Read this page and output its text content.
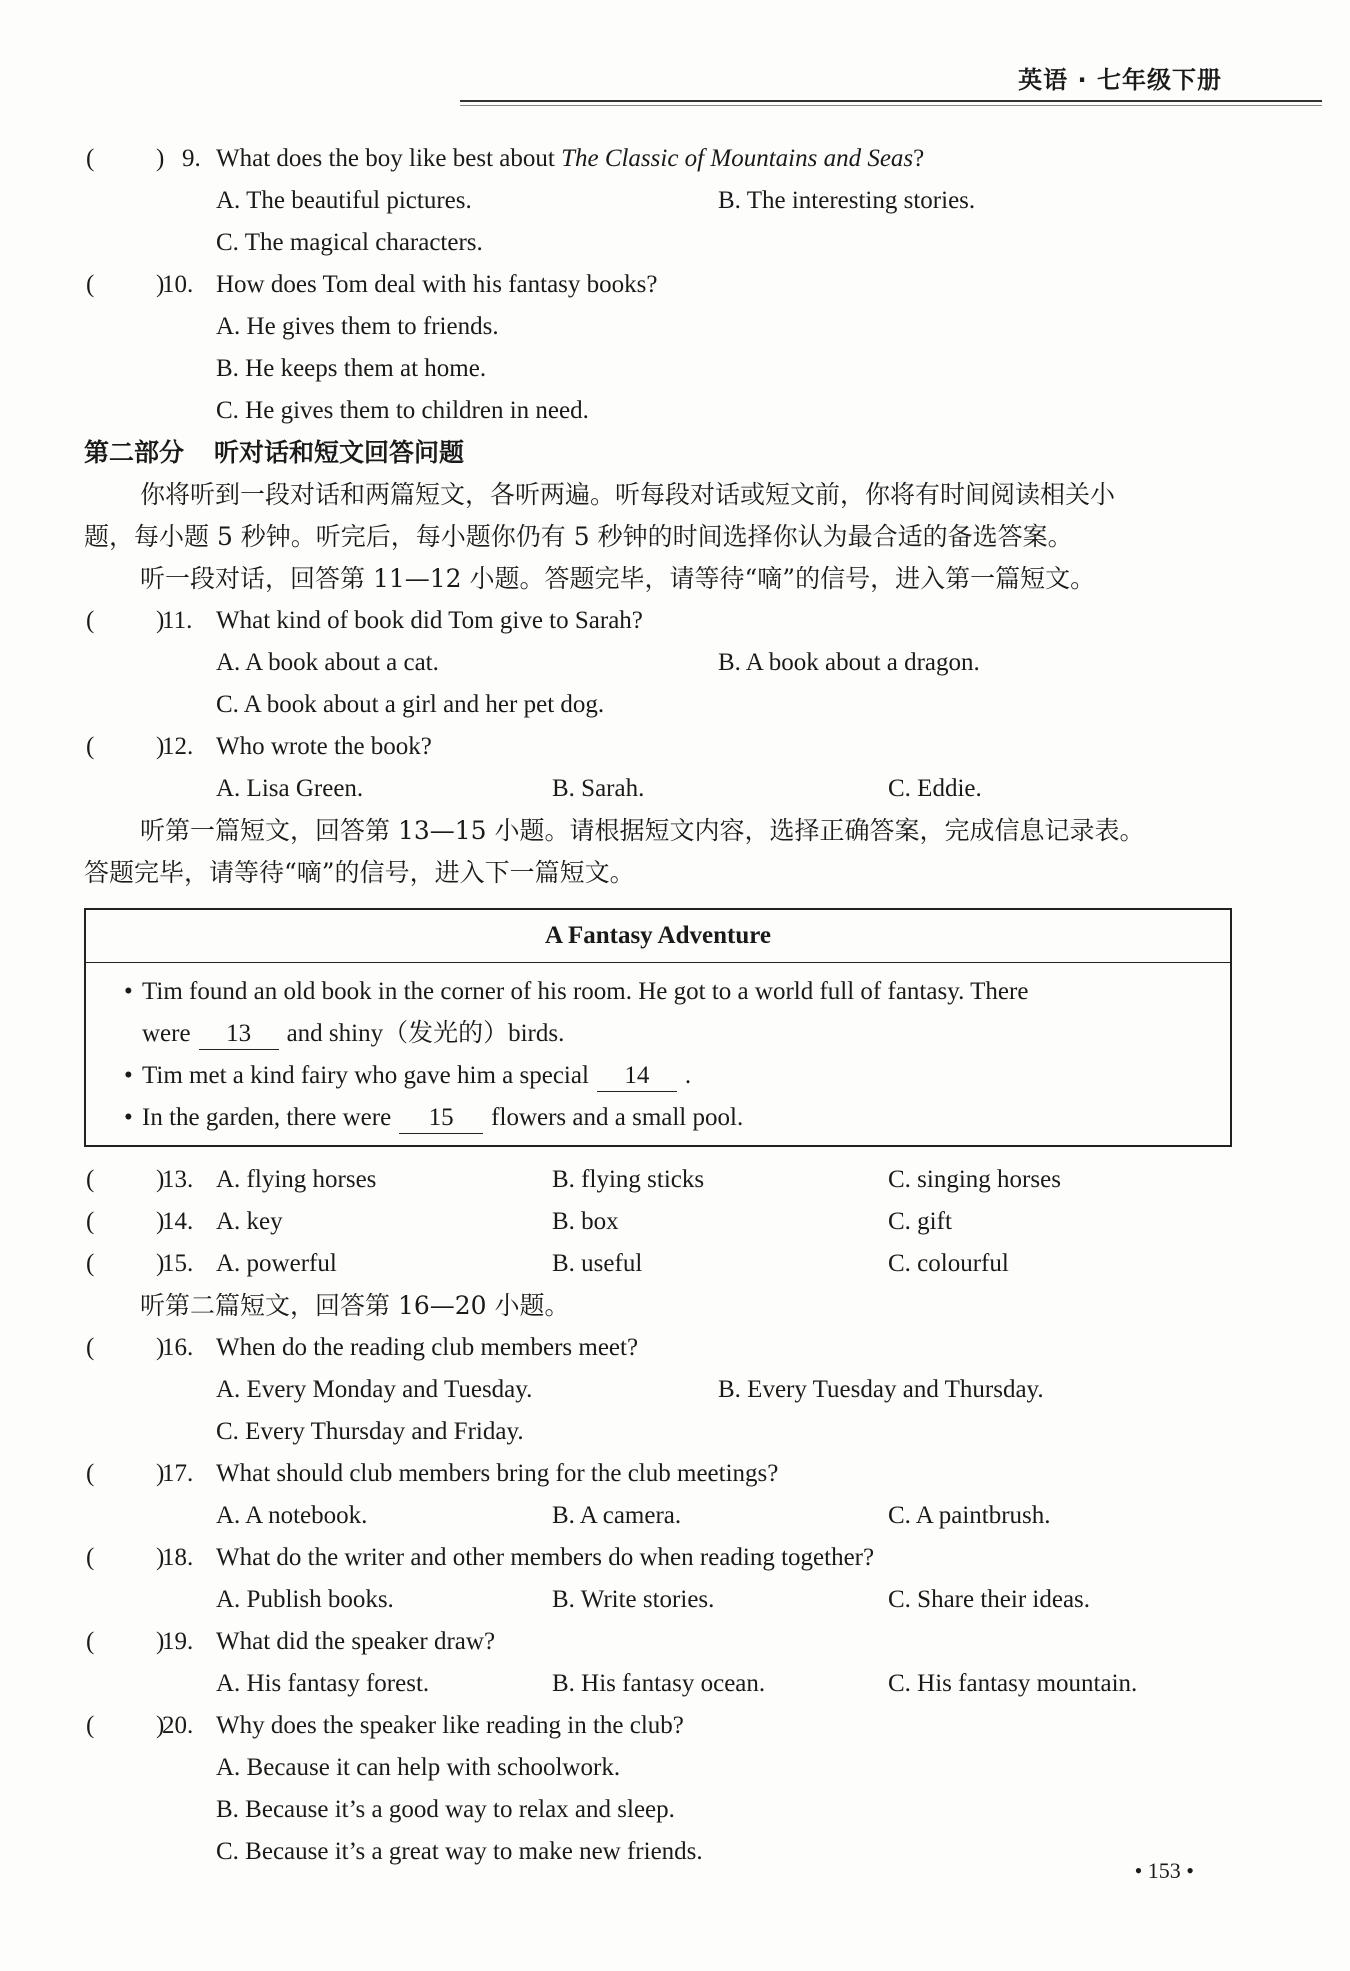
英语 · 七年级下册
( ) 9. What does the boy like best about The Classic of Mountains and Seas?
A. The beautiful pictures.	B. The interesting stories.
C. The magical characters.
( )
10. How does Tom deal with his fantasy books?
A. He gives them to friends.
B. He keeps them at home.
C. He gives them to children in need.
第二部分 听对话和短文回答问题
你将听到一段对话和两篇短文，各听两遍。听每段对话或短文前，你将有时间阅读相关小
题，每小题 5 秒钟。听完后，每小题你仍有 5 秒钟的时间选择你认为最合适的备选答案。
听一段对话，回答第 11—12 小题。答题完毕，请等待“嘀”的信号，进入第一篇短文。
( )
11. What kind of book did Tom give to Sarah?
A. A book about a cat.	B. A book about a dragon.
C. A book about a girl and her pet dog.
( )
12. Who wrote the book?
A. Lisa Green.	B. Sarah.	C. Eddie.
听第一篇短文，回答第 13—15 小题。请根据短文内容，选择正确答案，完成信息记录表。
答题完毕，请等待“嘀”的信号，进入下一篇短文。
A Fantasy Adventure
• Tim found an old book in the corner of his room. He got to a world full of fantasy. There
were 13 and shiny（发光的）birds.
• Tim met a kind fairy who gave him a special 14 .
• In the garden, there were 15 flowers and a small pool.
( )
13. A. flying horses	B. flying sticks	C. singing horses
( )
14. A. key	B. box	C. gift
( )
15. A. powerful	B. useful	C. colourful
听第二篇短文，回答第 16—20 小题。
( )
16. When do the reading club members meet?
A. Every Monday and Tuesday.	B. Every Tuesday and Thursday.
C. Every Thursday and Friday.
( )
17. What should club members bring for the club meetings?
A. A notebook.	B. A camera.	C. A paintbrush.
( )
18. What do the writer and other members do when reading together?
A. Publish books.	B. Write stories.	C. Share their ideas.
( )
19. What did the speaker draw?
A. His fantasy forest.	B. His fantasy ocean.	C. His fantasy mountain.
( )
20. Why does the speaker like reading in the club?
A. Because it can help with schoolwork.
B. Because it’s a good way to relax and sleep.
C. Because it’s a great way to make new friends.
• 153 •
